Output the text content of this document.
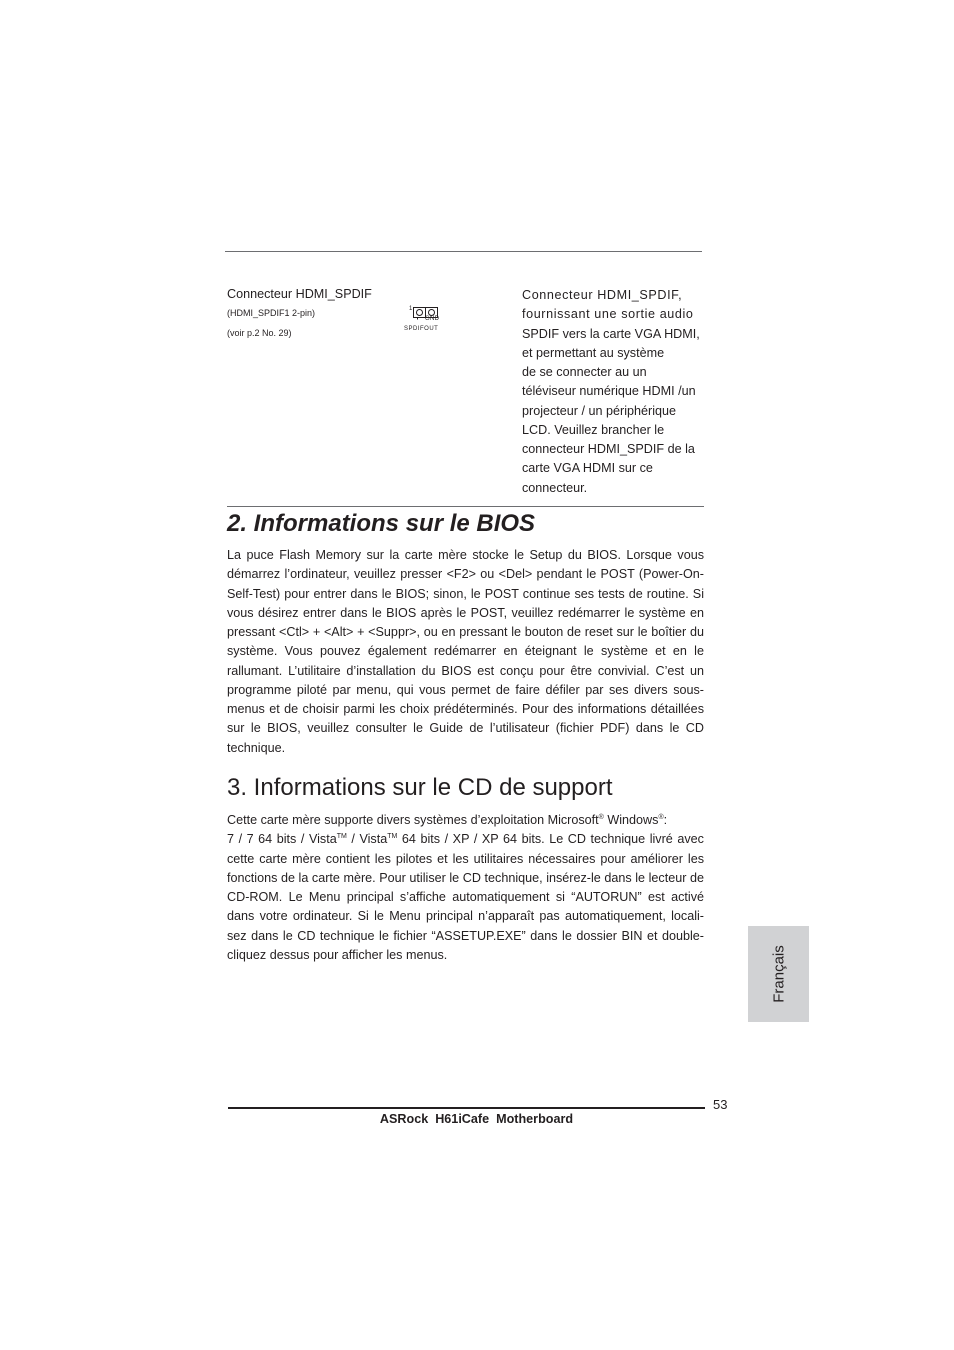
Connecteur HDMI_SPDIF
(HDMI_SPDIF1 2-pin)
(voir p.2 No. 29)
1
GND
SPDIFOUT
Connecteur HDMI_SPDIF,
fournissant une sortie audio
SPDIF vers la carte VGA HDMI,
et permettant au système
de se connecter au un
téléviseur numérique HDMI /un
projecteur / un périphérique
LCD. Veuillez brancher le
connecteur HDMI_SPDIF de la
carte VGA HDMI sur ce
connecteur.
2. Informations sur le BIOS

La puce Flash Memory sur la carte mère stocke le Setup du BIOS. Lorsque vous démarrez l’ordinateur, veuillez presser <F2> ou <Del> pendant le POST (Power-On-Self-Test) pour entrer dans le BIOS; sinon, le POST continue ses tests de routine. Si vous désirez entrer dans le BIOS après le POST, veuillez redémarrer le système en pressant <Ctl> + <Alt> + <Suppr>, ou en pressant le bouton de reset sur le boîtier du système. Vous pouvez également redémarrer en éteignant le système et en le rallumant. L’utilitaire d’installation du BIOS est conçu pour être convivial. C’est un programme piloté par menu, qui vous permet de faire défiler par ses divers sous-menus et de choisir parmi les choix prédéterminés. Pour des informations détaillées sur le BIOS, veuillez consulter le Guide de l’utilisateur (fichier PDF) dans le CD technique.

3. Informations sur le CD de support

Cette carte mère supporte divers systèmes d’exploitation Microsoft® Windows®:
7 / 7 64 bits / Vista™ / Vista™ 64 bits / XP / XP 64 bits. Le CD technique livré avec cette carte mère contient les pilotes et les utilitaires nécessaires pour améliorer les fonctions de la carte mère. Pour utiliser le CD technique, insérez-le dans le lecteur de CD-ROM. Le Menu principal s’affiche automatiquement si “AUTORUN” est activé dans votre ordinateur. Si le Menu principal n’apparaît pas automatiquement, locali-sez dans le CD technique le fichier “ASSETUP.EXE” dans le dossier BIN et double-cliquez dessus pour afficher les menus.	Français
53
ASRock  H61iCafe  Motherboard
